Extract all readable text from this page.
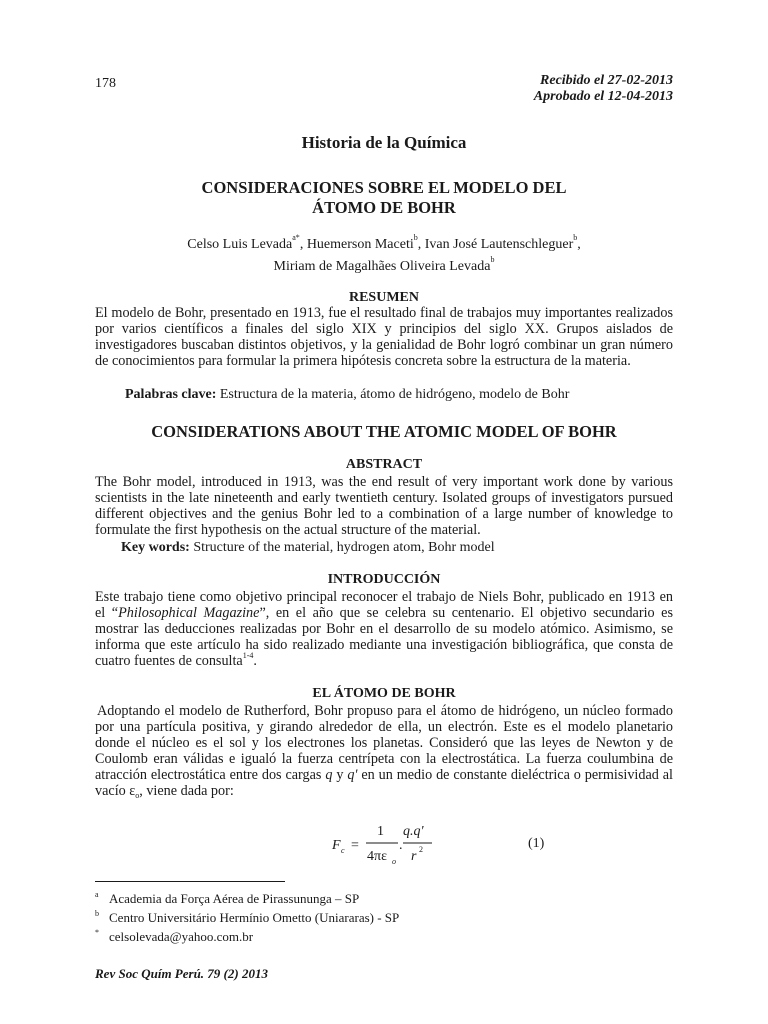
178	Recibido el 27-02-2013
Aprobado el 12-04-2013
Historia de la Química
CONSIDERACIONES SOBRE EL MODELO DEL
ÁTOMO DE BOHR
Celso Luis Levada$^{a*}$, Huemerson Maceti$^b$, Ivan José Lautenschleguer$^b$,
Miriam de Magalhães Oliveira Levada$^b$
RESUMEN
El modelo de Bohr, presentado en 1913, fue el resultado final de trabajos muy importantes realizados por varios científicos a finales del siglo XIX y principios del siglo XX. Grupos aislados de investigadores buscaban distintos objetivos, y la genialidad de Bohr logró combinar un gran número de conocimientos para formular la primera hipótesis concreta sobre la estructura de la materia.
Palabras clave: Estructura de la materia, átomo de hidrógeno, modelo de Bohr
CONSIDERATIONS ABOUT THE ATOMIC MODEL OF BOHR
ABSTRACT
The Bohr model, introduced in 1913, was the end result of very important work done by various scientists in the late nineteenth and early twentieth century. Isolated groups of investigators pursued different objectives and the genius Bohr led to a combination of a large number of knowledge to formulate the first hypothesis on the actual structure of the material.
Key words: Structure of the material, hydrogen atom, Bohr model
INTRODUCCIÓN
Este trabajo tiene como objetivo principal reconocer el trabajo de Niels Bohr, publicado en 1913 en el “Philosophical Magazine”, en el año que se celebra su centenario. El objetivo secundario es mostrar las deducciones realizadas por Bohr en el desarrollo de su modelo atómico. Asimismo, se informa que este artículo ha sido realizado mediante una investigación bibliográfica, que consta de cuatro fuentes de consulta$^{1-4}$.
EL ÁTOMO DE BOHR
Adoptando el modelo de Rutherford, Bohr propuso para el átomo de hidrógeno, un núcleo formado por una partícula positiva, y girando alrededor de ella, un electrón. Este es el modelo planetario donde el núcleo es el sol y los electrones los planetas. Consideró que las leyes de Newton y de Coulomb eran válidas e igualó la fuerza centrípeta con la electrostática. La fuerza coulumbina de atracción electrostática entre dos cargas q y q' en un medio de constante dieléctrica o permisividad al vacío $\varepsilon_o$, viene dada por:
F c =
1
4πε o
.
q.q'
r 2	(1)
a Academia da Força Aérea de Pirassununga – SP
b Centro Universitário Hermínio Ometto (Uniararas) - SP
* celsolevada@yahoo.com.br
Rev Soc Quím Perú. 79 (2) 2013
